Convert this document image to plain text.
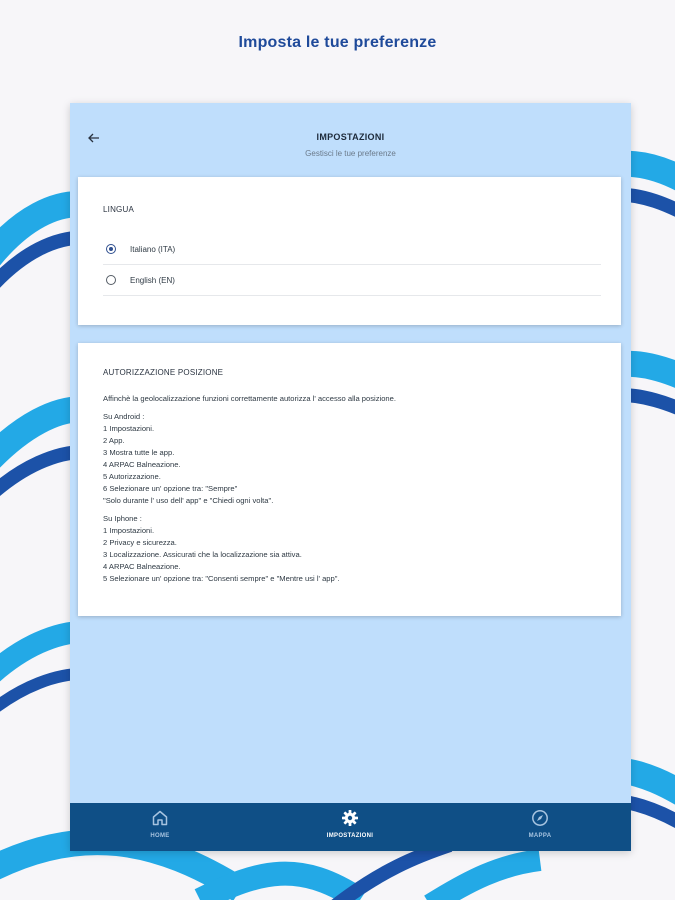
Imposta le tue preferenze
IMPOSTAZIONI
Gestisci le tue preferenze
LINGUA
Italiano (ITA)
English (EN)
AUTORIZZAZIONE POSIZIONE
Affinchè la geolocalizzazione funzioni correttamente autorizza l' accesso alla posizione.
Su Android :
1 Impostazioni.
2 App.
3 Mostra tutte le app.
4 ARPAC Balneazione.
5 Autorizzazione.
6 Selezionare un' opzione tra: "Sempre"
"Solo durante l' uso dell' app" e "Chiedi ogni volta".
Su Iphone :
1 Impostazioni.
2 Privacy e sicurezza.
3 Localizzazione. Assicurati che la localizzazione sia attiva.
4 ARPAC Balneazione.
5 Selezionare un' opzione tra: "Consenti sempre" e "Mentre usi l' app".
HOME	IMPOSTAZIONI	MAPPA
